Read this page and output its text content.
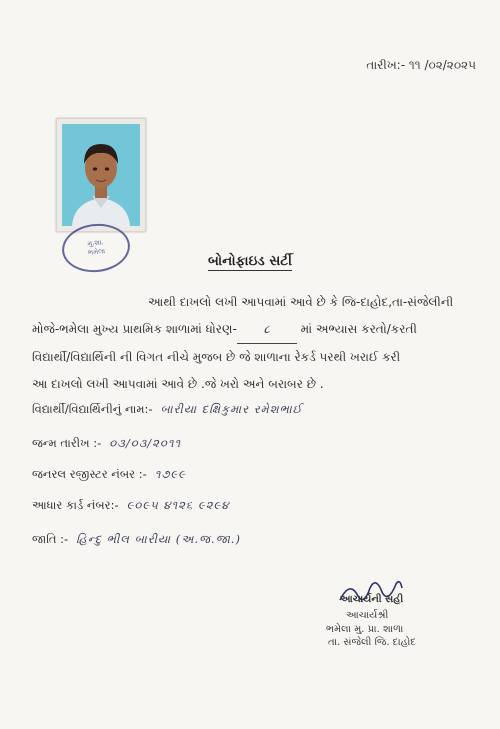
તારીખ:- ૧૧ /૦૨/૨૦૨૫
મુ.શા.
ભમેલા
બોનોફાઇડ સર્ટી
આથી દાખલો લખી આપવામાં આવે છે કે જિ-દાહોદ,તા-સંજેલીની
મોજે-ભમેલા મુખ્ય પ્રાથમિક શાળામાં ધોરણ- ૮	માં અભ્યાસ કરતો/કરતી
વિદ્યાર્થી/વિદ્યાર્થિની ની વિગત નીચે મુજબ છે જે શાળાના રેકર્ડ પરથી ખરાઈ કરી
આ દાખલો લખી આપવામાં આવે છે .જે ખરો અને બરાબર છે .
વિદ્યાર્થી/વિદ્યાર્થિનીનું નામ:- બારીયા દક્ષિકુમાર રમેશભાઈ
જન્મ તારીખ :- ૦૩/૦૩/૨૦૧૧
જનરલ રજીસ્ટર નંબર :- ૧૭૯૯
આધાર કાર્ડ નંબર:- ૯૦૯૫ ૪૧૨૬ ૯૨૯૪
જાતિ :- હિન્દુ ભીલ બારીયા (અ.જ.જા.)
આચાર્યની સહી
આચાર્યશ્રી
ભમેલા મુ. પ્રા. શાળા
તા. સંજેલી જિ. દાહોદ
